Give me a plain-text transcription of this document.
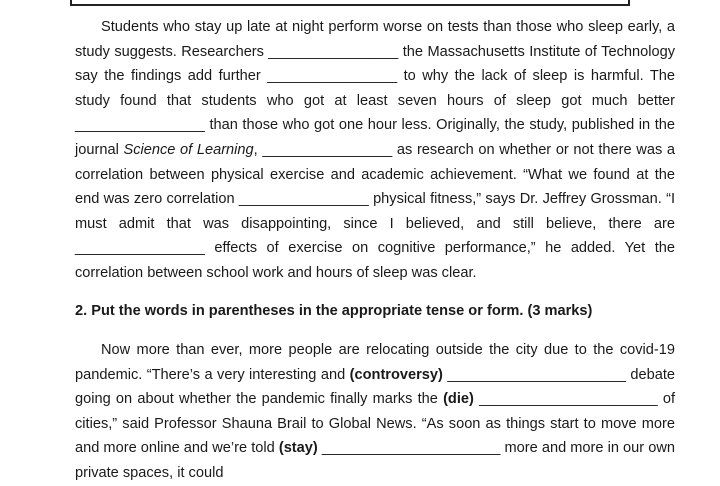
Students who stay up late at night perform worse on tests than those who sleep early, a study suggests. Researchers ________________ the Massachusetts Institute of Technology say the findings add further ________________ to why the lack of sleep is harmful. The study found that students who got at least seven hours of sleep got much better ________________ than those who got one hour less. Originally, the study, published in the journal Science of Learning, ________________ as research on whether or not there was a correlation between physical exercise and academic achievement. “What we found at the end was zero correlation ________________ physical fitness,” says Dr. Jeffrey Grossman. “I must admit that was disappointing, since I believed, and still believe, there are ________________ effects of exercise on cognitive performance,” he added. Yet the correlation between school work and hours of sleep was clear.

2. Put the words in parentheses in the appropriate tense or form. (3 marks)

Now more than ever, more people are relocating outside the city due to the covid-19 pandemic. “There’s a very interesting and (controversy) ______________________ debate going on about whether the pandemic finally marks the (die) ______________________ of cities,” said Professor Shauna Brail to Global News. “As soon as things start to move more and more online and we’re told (stay) ______________________ more and more in our own private spaces, it could
